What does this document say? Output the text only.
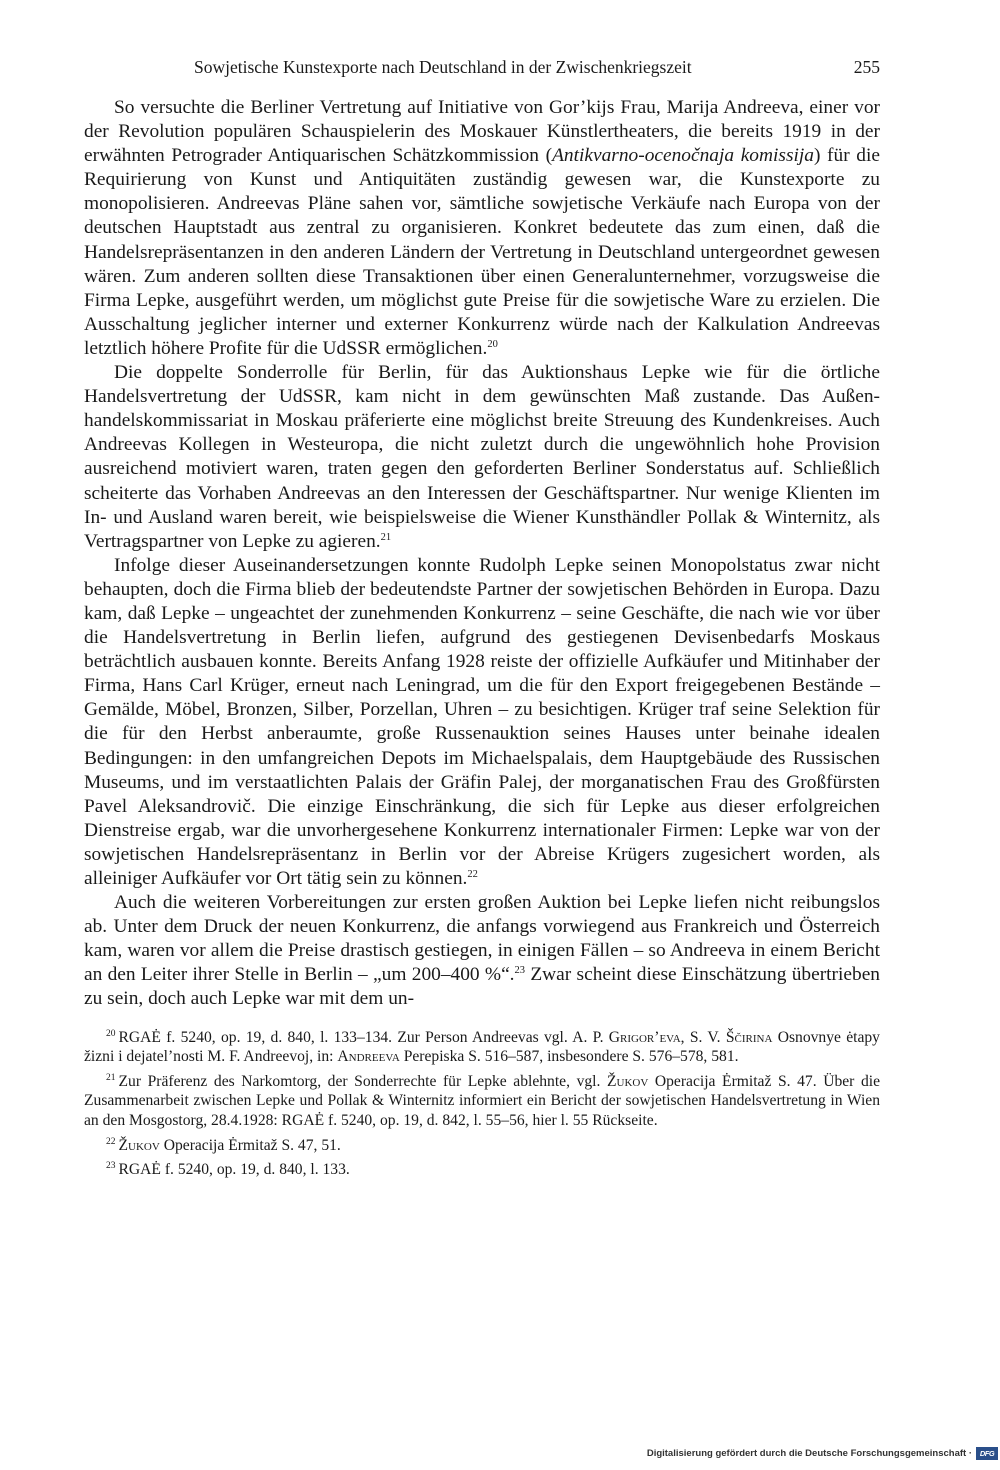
Sowjetische Kunstexporte nach Deutschland in der Zwischenkriegszeit	255

So versuchte die Berliner Vertretung auf Initiative von Gor’kijs Frau, Marija Andreeva, einer vor der Revolution populären Schauspielerin des Moskauer Künstlertheaters, die bereits 1919 in der erwähnten Petrograder Antiquarischen Schätzkommission (Antikvarno-ocenočnaja komissija) für die Requirierung von Kunst und Antiquitäten zuständig gewesen war, die Kunstexporte zu monopolisieren. Andreevas Pläne sahen vor, sämtliche sowjetische Verkäufe nach Europa von der deutschen Hauptstadt aus zentral zu organisieren. Konkret bedeutete das zum einen, daß die Handelsrepräsentanzen in den anderen Ländern der Vertretung in Deutschland untergeordnet gewesen wären. Zum anderen sollten diese Transaktionen über einen Generalunternehmer, vorzugsweise die Firma Lepke, ausgeführt werden, um möglichst gute Preise für die sowjetische Ware zu erzielen. Die Ausschaltung jeglicher interner und externer Konkurrenz würde nach der Kalkulation Andreevas letztlich höhere Profite für die UdSSR ermöglichen.$^{20}$

Die doppelte Sonderrolle für Berlin, für das Auktionshaus Lepke wie für die örtliche Handelsvertretung der UdSSR, kam nicht in dem gewünschten Maß zustande. Das Außenhandelskommissariat in Moskau präferierte eine möglichst breite Streuung des Kundenkreises. Auch Andreevas Kollegen in Westeuropa, die nicht zuletzt durch die ungewöhnlich hohe Provision ausreichend motiviert waren, traten gegen den geforderten Berliner Sonderstatus auf. Schließlich scheiterte das Vorhaben Andreevas an den Interessen der Geschäftspartner. Nur wenige Klienten im In- und Ausland waren bereit, wie beispielsweise die Wiener Kunsthändler Pollak & Winternitz, als Vertragspartner von Lepke zu agieren.$^{21}$

Infolge dieser Auseinandersetzungen konnte Rudolph Lepke seinen Monopolstatus zwar nicht behaupten, doch die Firma blieb der bedeutendste Partner der sowjetischen Behörden in Europa. Dazu kam, daß Lepke – ungeachtet der zunehmenden Konkurrenz – seine Geschäfte, die nach wie vor über die Handelsvertretung in Berlin liefen, aufgrund des gestiegenen Devisenbedarfs Moskaus beträchtlich ausbauen konnte. Bereits Anfang 1928 reiste der offizielle Aufkäufer und Mitinhaber der Firma, Hans Carl Krüger, erneut nach Leningrad, um die für den Export freigegebenen Bestände – Gemälde, Möbel, Bronzen, Silber, Porzellan, Uhren – zu besichtigen. Krüger traf seine Selektion für die für den Herbst anberaumte, große Russenauktion seines Hauses unter beinahe idealen Bedingungen: in den umfangreichen Depots im Michaelspalais, dem Hauptgebäude des Russischen Museums, und im verstaatlichten Palais der Gräfin Palej, der morganatischen Frau des Großfürsten Pavel Aleksandrovič. Die einzige Einschränkung, die sich für Lepke aus dieser erfolgreichen Dienstreise ergab, war die unvorhergesehene Konkurrenz internationaler Firmen: Lepke war von der sowjetischen Handelsrepräsentanz in Berlin vor der Abreise Krügers zugesichert worden, als alleiniger Aufkäufer vor Ort tätig sein zu können.$^{22}$

Auch die weiteren Vorbereitungen zur ersten großen Auktion bei Lepke liefen nicht reibungslos ab. Unter dem Druck der neuen Konkurrenz, die anfangs vorwiegend aus Frankreich und Österreich kam, waren vor allem die Preise drastisch gestiegen, in einigen Fällen – so Andreeva in einem Bericht an den Leiter ihrer Stelle in Berlin – „um 200–400 %“.$^{23}$ Zwar scheint diese Einschätzung übertrieben zu sein, doch auch Lepke war mit dem un-

$^{20}$ RGAĖ f. 5240, op. 19, d. 840, l. 133–134. Zur Person Andreevas vgl. A. P. Grigor’eva, S. V. Ščirina Osnovnye ėtapy žizni i dejatel’nosti M. F. Andreevoj, in: Andreeva Perepiska S. 516–587, insbesondere S. 576–578, 581.

$^{21}$ Zur Präferenz des Narkomtorg, der Sonderrechte für Lepke ablehnte, vgl. Žukov Operacija Ėrmitaž S. 47. Über die Zusammenarbeit zwischen Lepke und Pollak & Winternitz informiert ein Bericht der sowjetischen Handelsvertretung in Wien an den Mosgostorg, 28.4.1928: RGAĖ f. 5240, op. 19, d. 842, l. 55–56, hier l. 55 Rückseite.

$^{22}$ Žukov Operacija Ėrmitaž S. 47, 51.

$^{23}$ RGAĖ f. 5240, op. 19, d. 840, l. 133.

Digitalisierung gefördert durch die Deutsche Forschungsgemeinschaft ·	DFG
